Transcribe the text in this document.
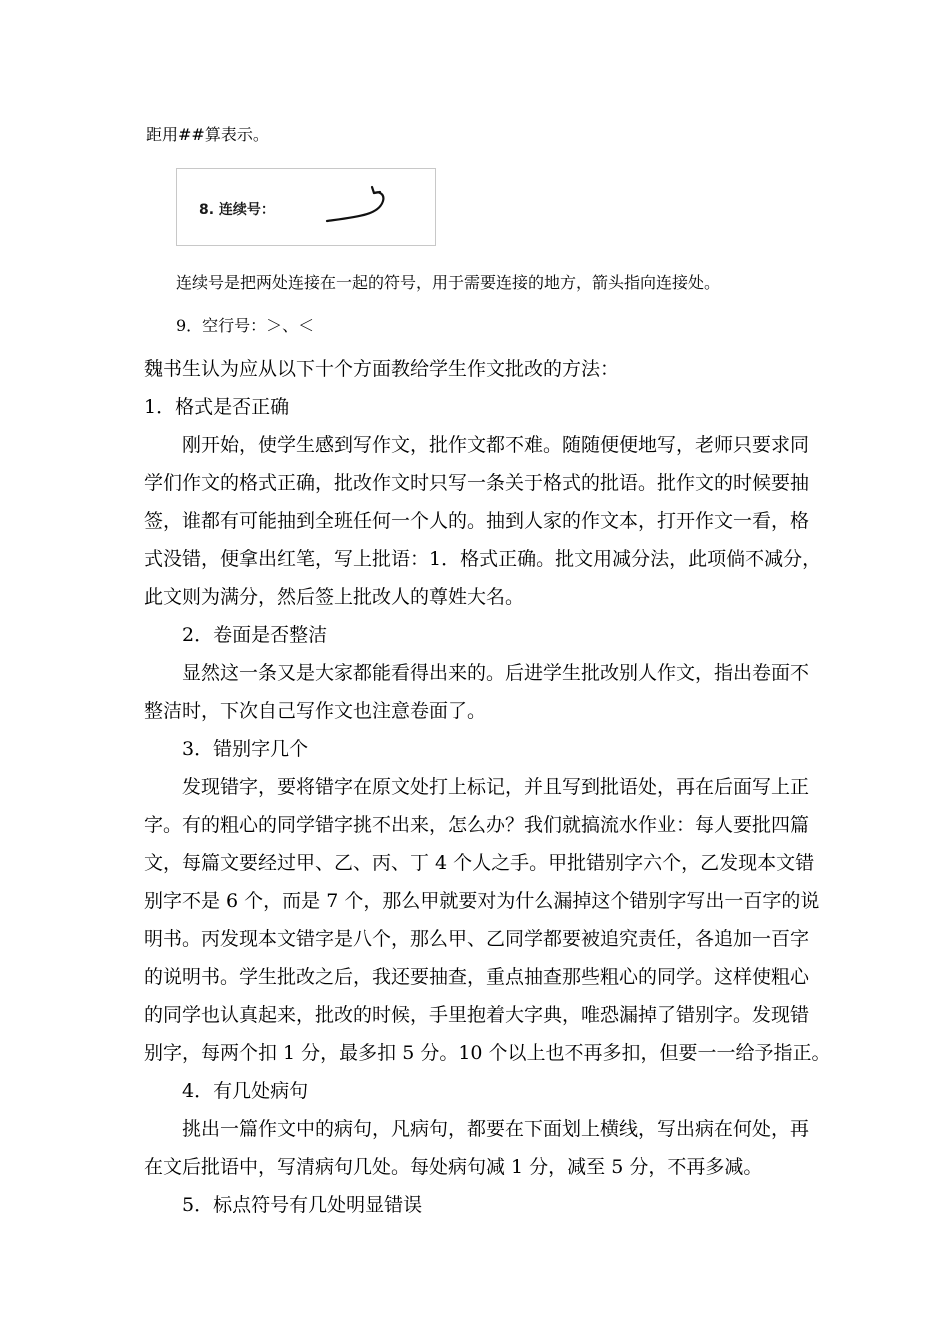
距用##算表示。
8. 连续号：
连续号是把两处连接在一起的符号，用于需要连接的地方，箭头指向连接处。
9．空行号：＞、＜
魏书生认为应从以下十个方面教给学生作文批改的方法：
1．格式是否正确
刚开始，使学生感到写作文，批作文都不难。随随便便地写，老师只要求同
学们作文的格式正确，批改作文时只写一条关于格式的批语。批作文的时候要抽
签，谁都有可能抽到全班任何一个人的。抽到人家的作文本，打开作文一看，格
式没错，便拿出红笔，写上批语：1．格式正确。批文用减分法，此项倘不减分，
此文则为满分，然后签上批改人的尊姓大名。
2．卷面是否整洁
显然这一条又是大家都能看得出来的。后进学生批改别人作文，指出卷面不
整洁时，下次自己写作文也注意卷面了。
3．错别字几个
发现错字，要将错字在原文处打上标记，并且写到批语处，再在后面写上正
字。有的粗心的同学错字挑不出来，怎么办？我们就搞流水作业：每人要批四篇
文，每篇文要经过甲、乙、丙、丁 4 个人之手。甲批错别字六个，乙发现本文错
别字不是 6 个，而是 7 个，那么甲就要对为什么漏掉这个错别字写出一百字的说
明书。丙发现本文错字是八个，那么甲、乙同学都要被追究责任，各追加一百字
的说明书。学生批改之后，我还要抽查，重点抽查那些粗心的同学。这样使粗心
的同学也认真起来，批改的时候，手里抱着大字典，唯恐漏掉了错别字。发现错
别字，每两个扣 1 分，最多扣 5 分。10 个以上也不再多扣，但要一一给予指正。
4．有几处病句
挑出一篇作文中的病句，凡病句，都要在下面划上横线，写出病在何处，再
在文后批语中，写清病句几处。每处病句减 1 分，减至 5 分，不再多减。
5．标点符号有几处明显错误
